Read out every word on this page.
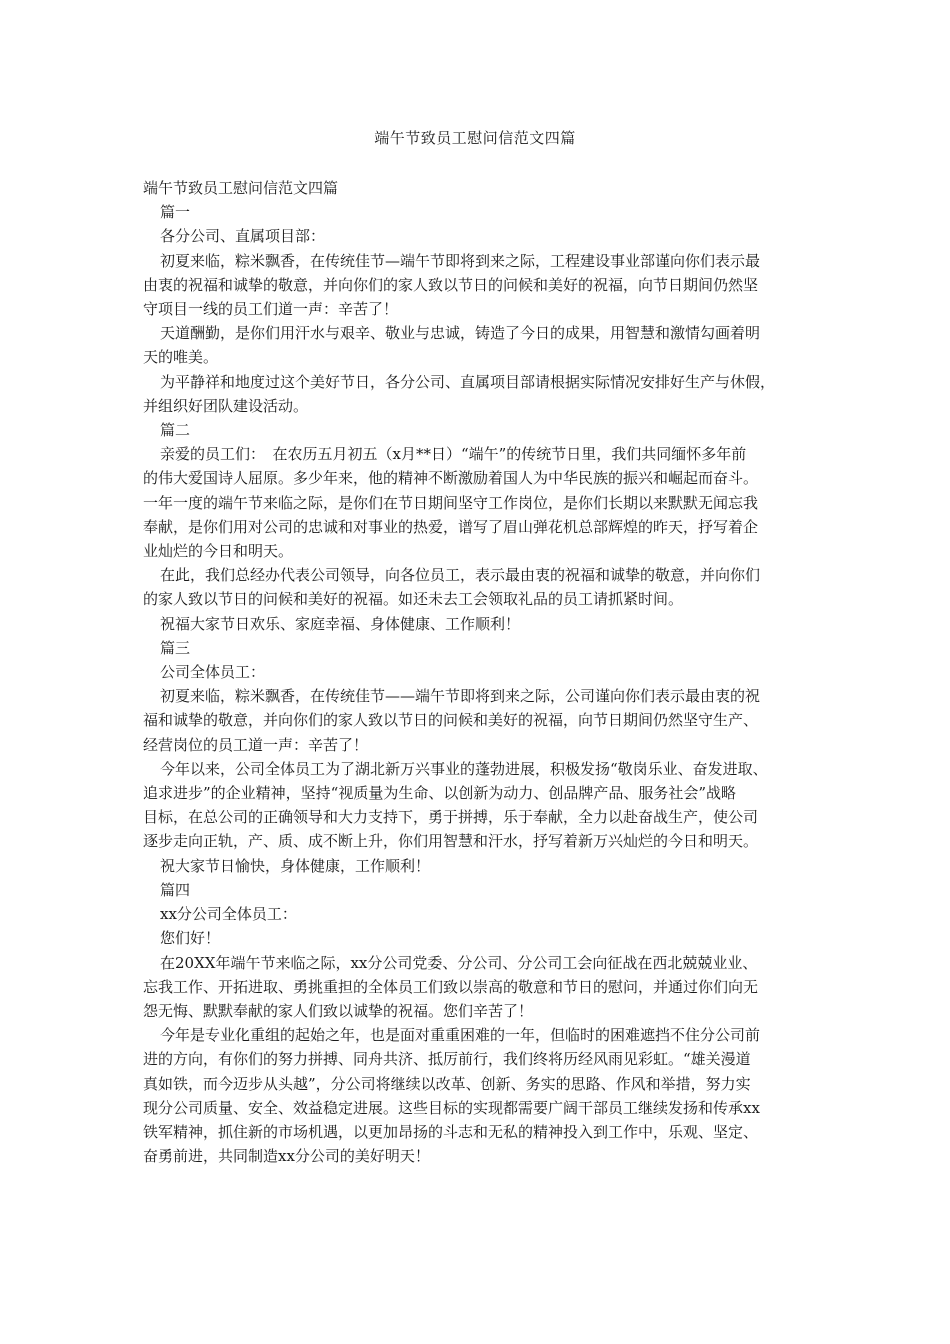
端午节致员工慰问信范文四篇

端午节致员工慰问信范文四篇

篇一

各分公司、直属项目部：

初夏来临，粽米飘香，在传统佳节—端午节即将到来之际，工程建设事业部谨向你们表示最

由衷的祝福和诚挚的敬意，并向你们的家人致以节日的问候和美好的祝福，向节日期间仍然坚

守项目一线的员工们道一声：辛苦了！

天道酬勤，是你们用汗水与艰辛、敬业与忠诚，铸造了今日的成果，用智慧和激情勾画着明

天的唯美。

为平静祥和地度过这个美好节日，各分公司、直属项目部请根据实际情况安排好生产与休假，

并组织好团队建设活动。

篇二

亲爱的员工们：　在农历五月初五（x月**日）“端午”的传统节日里，我们共同缅怀多年前

的伟大爱国诗人屈原。多少年来，他的精神不断激励着国人为中华民族的振兴和崛起而奋斗。

一年一度的端午节来临之际，是你们在节日期间坚守工作岗位，是你们长期以来默默无闻忘我

奉献，是你们用对公司的忠诚和对事业的热爱，谱写了眉山弹花机总部辉煌的昨天，抒写着企

业灿烂的今日和明天。

在此，我们总经办代表公司领导，向各位员工，表示最由衷的祝福和诚挚的敬意，并向你们

的家人致以节日的问候和美好的祝福。如还未去工会领取礼品的员工请抓紧时间。

祝福大家节日欢乐、家庭幸福、身体健康、工作顺利！

篇三

公司全体员工：

初夏来临，粽米飘香，在传统佳节——端午节即将到来之际，公司谨向你们表示最由衷的祝

福和诚挚的敬意，并向你们的家人致以节日的问候和美好的祝福，向节日期间仍然坚守生产、

经营岗位的员工道一声：辛苦了！

今年以来，公司全体员工为了湖北新万兴事业的蓬勃进展，积极发扬“敬岗乐业、奋发进取、

追求进步”的企业精神，坚持“视质量为生命、以创新为动力、创品牌产品、服务社会”战略

目标，在总公司的正确领导和大力支持下，勇于拼搏，乐于奉献，全力以赴奋战生产，使公司

逐步走向正轨，产、质、成不断上升，你们用智慧和汗水，抒写着新万兴灿烂的今日和明天。

祝大家节日愉快，身体健康，工作顺利！

篇四

xx分公司全体员工：

您们好！

在20XX年端午节来临之际，xx分公司党委、分公司、分公司工会向征战在西北兢兢业业、

忘我工作、开拓进取、勇挑重担的全体员工们致以崇高的敬意和节日的慰问，并通过你们向无

怨无悔、默默奉献的家人们致以诚挚的祝福。您们辛苦了！

今年是专业化重组的起始之年，也是面对重重困难的一年，但临时的困难遮挡不住分公司前

进的方向，有你们的努力拼搏、同舟共济、抵厉前行，我们终将历经风雨见彩虹。“雄关漫道

真如铁，而今迈步从头越”，分公司将继续以改革、创新、务实的思路、作风和举措，努力实

现分公司质量、安全、效益稳定进展。这些目标的实现都需要广阔干部员工继续发扬和传承xx

铁军精神，抓住新的市场机遇，以更加昂扬的斗志和无私的精神投入到工作中，乐观、坚定、

奋勇前进，共同制造xx分公司的美好明天！
